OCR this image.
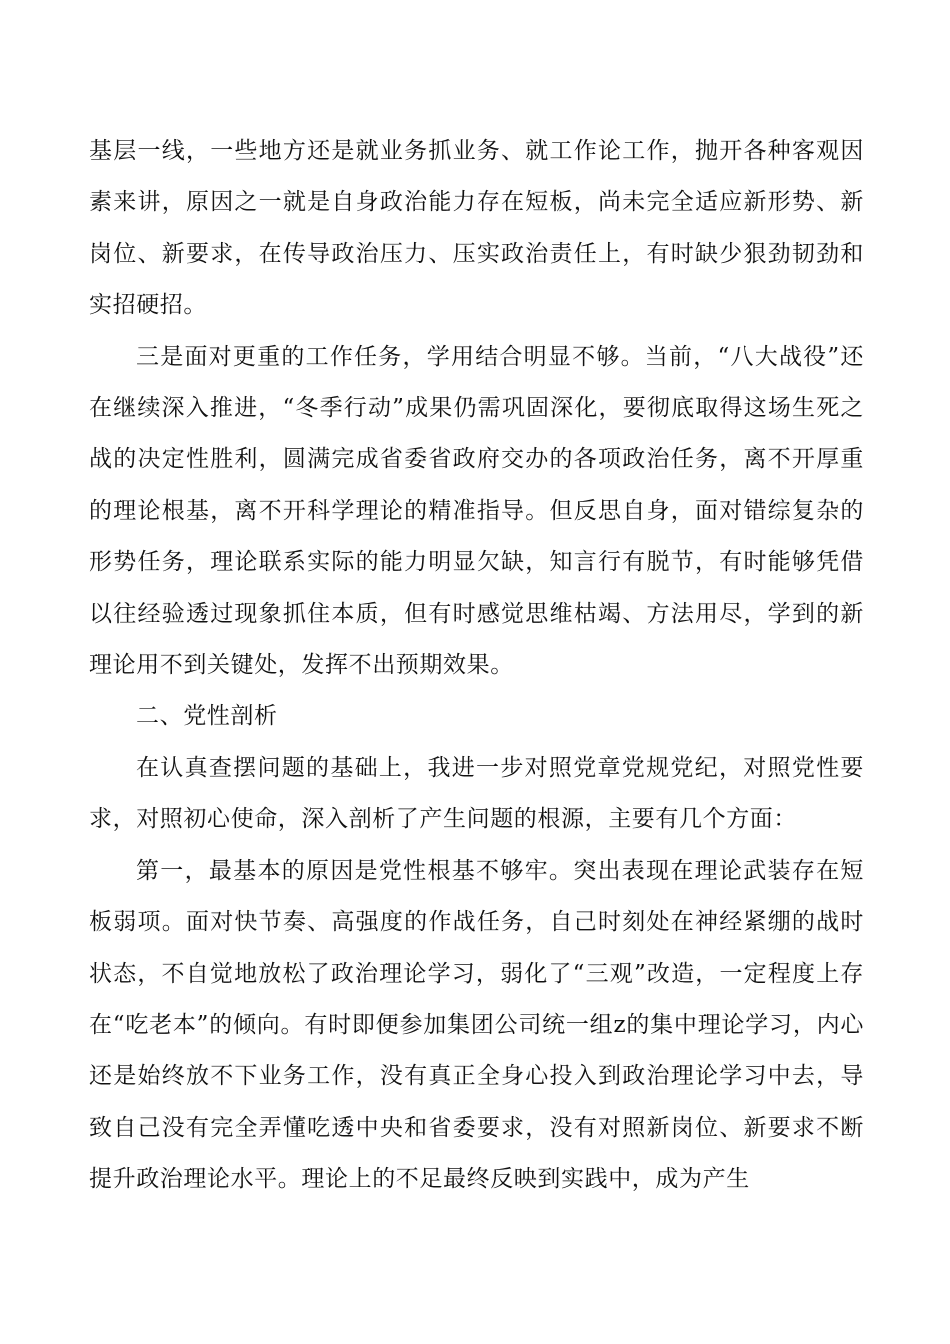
基层一线，一些地方还是就业务抓业务、就工作论工作，抛开各种客观因素来讲，原因之一就是自身政治能力存在短板，尚未完全适应新形势、新岗位、新要求，在传导政治压力、压实政治责任上，有时缺少狠劲韧劲和实招硬招。

三是面对更重的工作任务，学用结合明显不够。当前，“八大战役”还在继续深入推进，“冬季行动”成果仍需巩固深化，要彻底取得这场生死之战的决定性胜利，圆满完成省委省政府交办的各项政治任务，离不开厚重的理论根基，离不开科学理论的精准指导。但反思自身，面对错综复杂的形势任务，理论联系实际的能力明显欠缺，知言行有脱节，有时能够凭借以往经验透过现象抓住本质，但有时感觉思维枯竭、方法用尽，学到的新理论用不到关键处，发挥不出预期效果。

二、党性剖析

在认真查摆问题的基础上，我进一步对照党章党规党纪，对照党性要求，对照初心使命，深入剖析了产生问题的根源，主要有几个方面：

第一，最基本的原因是党性根基不够牢。突出表现在理论武装存在短板弱项。面对快节奏、高强度的作战任务，自己时刻处在神经紧绷的战时状态，不自觉地放松了政治理论学习，弱化了“三观”改造，一定程度上存在“吃老本”的倾向。有时即便参加集团公司统一组z的集中理论学习，内心还是始终放不下业务工作，没有真正全身心投入到政治理论学习中去，导致自己没有完全弄懂吃透中央和省委要求，没有对照新岗位、新要求不断提升政治理论水平。理论上的不足最终反映到实践中，成为产生
